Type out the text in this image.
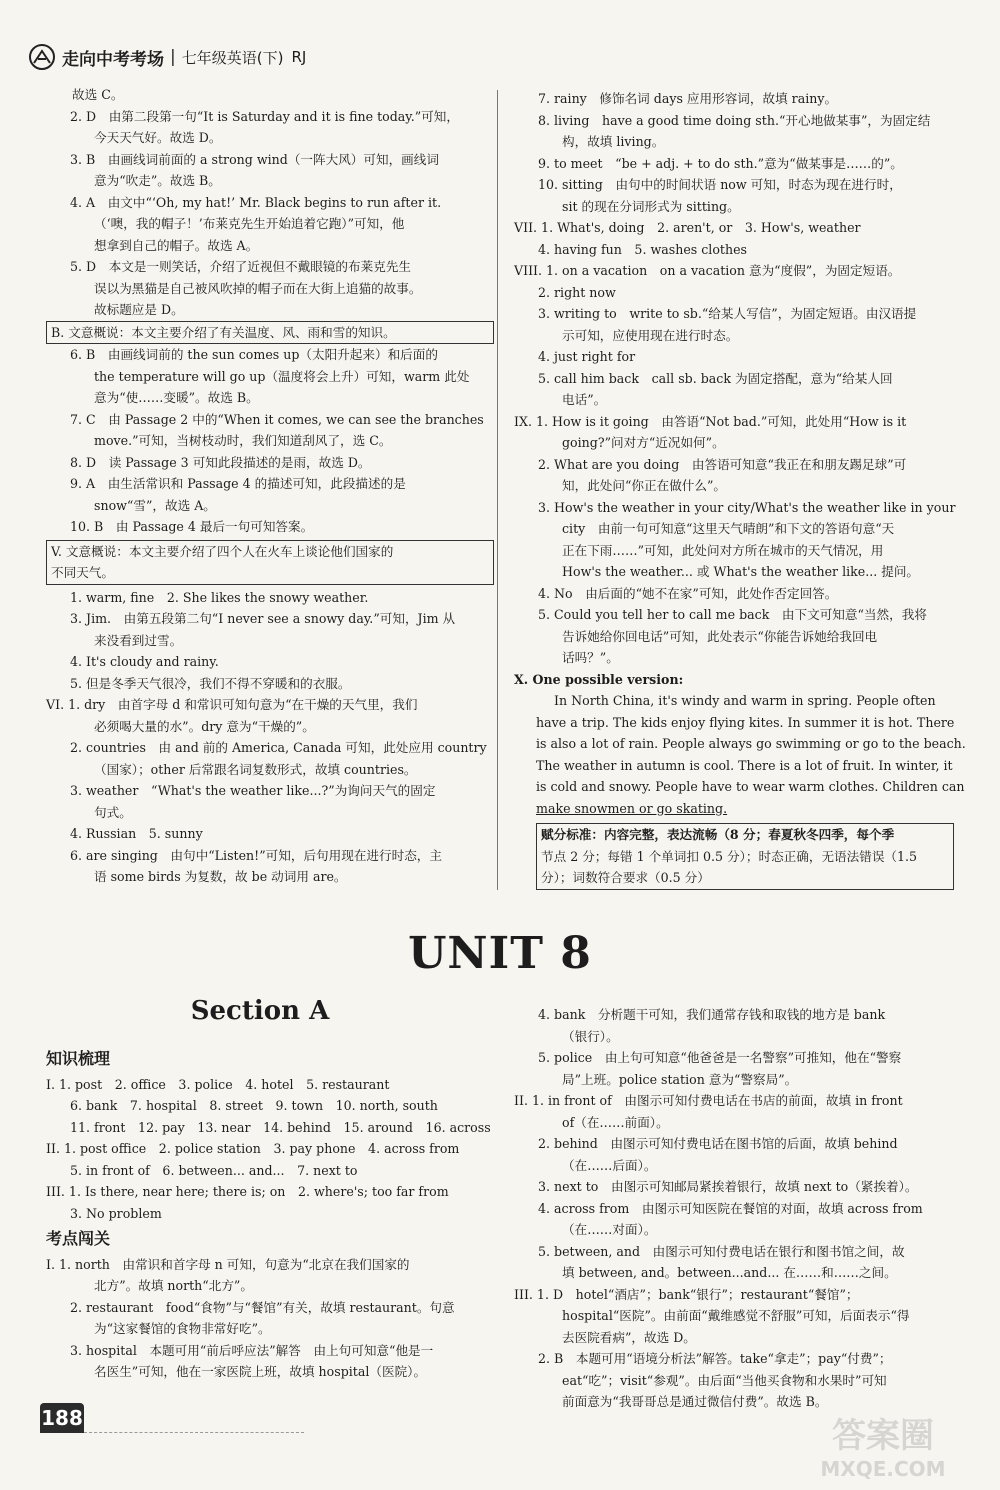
走向中考考场 | 七年级英语(下) RJ

故选 C。

2. D　由第二段第一句“It is Saturday and it is fine today.”可知，

今天天气好。故选 D。

3. B　由画线词前面的 a strong wind（一阵大风）可知，画线词

意为“吹走”。故选 B。

4. A　由文中“‘Oh, my hat!’ Mr. Black begins to run after it.

（‘噢，我的帽子！’布莱克先生开始追着它跑）”可知，他

想拿到自己的帽子。故选 A。

5. D　本文是一则笑话，介绍了近视但不戴眼镜的布莱克先生

误以为黑猫是自己被风吹掉的帽子而在大街上追猫的故事。

故标题应是 D。

B. 文意概说：本文主要介绍了有关温度、风、雨和雪的知识。

6. B　由画线词前的 the sun comes up（太阳升起来）和后面的

the temperature will go up（温度将会上升）可知，warm 此处

意为“使……变暖”。故选 B。

7. C　由 Passage 2 中的“When it comes, we can see the branches

move.”可知，当树枝动时，我们知道刮风了，选 C。

8. D　读 Passage 3 可知此段描述的是雨，故选 D。

9. A　由生活常识和 Passage 4 的描述可知，此段描述的是

snow“雪”，故选 A。

10. B　由 Passage 4 最后一句可知答案。

V. 文意概说：本文主要介绍了四个人在火车上谈论他们国家的

不同天气。

1. warm, fine　2. She likes the snowy weather.

3. Jim.　由第五段第二句“I never see a snowy day.”可知，Jim 从

来没看到过雪。

4. It's cloudy and rainy.

5. 但是冬季天气很冷，我们不得不穿暖和的衣服。

VI. 1. dry　由首字母 d 和常识可知句意为“在干燥的天气里，我们

必须喝大量的水”。dry 意为“干燥的”。

2. countries　由 and 前的 America, Canada 可知，此处应用 country

（国家）；other 后常跟名词复数形式，故填 countries。

3. weather　“What's the weather like...?”为询问天气的固定

句式。

4. Russian　5. sunny

6. are singing　由句中“Listen!”可知，后句用现在进行时态，主

语 some birds 为复数，故 be 动词用 are。

7. rainy　修饰名词 days 应用形容词，故填 rainy。

8. living　have a good time doing sth.“开心地做某事”，为固定结

构，故填 living。

9. to meet　“be + adj. + to do sth.”意为“做某事是……的”。

10. sitting　由句中的时间状语 now 可知，时态为现在进行时，

sit 的现在分词形式为 sitting。

VII. 1. What's, doing　2. aren't, or　3. How's, weather

4. having fun　5. washes clothes

VIII. 1. on a vacation　on a vacation 意为“度假”，为固定短语。

2. right now

3. writing to　write to sb.“给某人写信”，为固定短语。由汉语提

示可知，应使用现在进行时态。

4. just right for

5. call him back　call sb. back 为固定搭配，意为“给某人回

电话”。

IX. 1. How is it going　由答语“Not bad.”可知，此处用“How is it

going?”问对方“近况如何”。

2. What are you doing　由答语可知意“我正在和朋友踢足球”可

知，此处问“你正在做什么”。

3. How's the weather in your city/What's the weather like in your

city　由前一句可知意“这里天气晴朗”和下文的答语句意“天

正在下雨……”可知，此处问对方所在城市的天气情况，用

How's the weather... 或 What's the weather like... 提问。

4. No　由后面的“她不在家”可知，此处作否定回答。

5. Could you tell her to call me back　由下文可知意“当然，我将

告诉她给你回电话”可知，此处表示“你能告诉她给我回电

话吗？”。

X. One possible version:

In North China, it's windy and warm in spring. People often

have a trip. The kids enjoy flying kites. In summer it is hot. There

is also a lot of rain. People always go swimming or go to the beach.

The weather in autumn is cool. There is a lot of fruit. In winter, it

is cold and snowy. People have to wear warm clothes. Children can

make snowmen or go skating.

赋分标准：内容完整，表达流畅（8 分；春夏秋冬四季，每个季

节点 2 分；每错 1 个单词扣 0.5 分）；时态正确，无语法错误（1.5

分）；词数符合要求（0.5 分）

UNIT 8
Section A

知识梳理

I. 1. post　2. office　3. police　4. hotel　5. restaurant

6. bank　7. hospital　8. street　9. town　10. north, south

11. front　12. pay　13. near　14. behind　15. around　16. across

II. 1. post office　2. police station　3. pay phone　4. across from

5. in front of　6. between... and...　7. next to

III. 1. Is there, near here; there is; on　2. where's; too far from

3. No problem

考点闯关

I. 1. north　由常识和首字母 n 可知，句意为“北京在我们国家的

北方”。故填 north“北方”。

2. restaurant　food“食物”与“餐馆”有关，故填 restaurant。句意

为“这家餐馆的食物非常好吃”。

3. hospital　本题可用“前后呼应法”解答　由上句可知意“他是一

名医生”可知，他在一家医院上班，故填 hospital（医院）。

4. bank　分析题干可知，我们通常存钱和取钱的地方是 bank

（银行）。

5. police　由上句可知意“他爸爸是一名警察”可推知，他在“警察

局”上班。police station 意为“警察局”。

II. 1. in front of　由图示可知付费电话在书店的前面，故填 in front

of（在……前面）。

2. behind　由图示可知付费电话在图书馆的后面，故填 behind

（在……后面）。

3. next to　由图示可知邮局紧挨着银行，故填 next to（紧挨着）。

4. across from　由图示可知医院在餐馆的对面，故填 across from

（在……对面）。

5. between, and　由图示可知付费电话在银行和图书馆之间，故

填 between, and。between...and... 在……和……之间。

III. 1. D　hotel“酒店”；bank“银行”；restaurant“餐馆”；

hospital“医院”。由前面“戴维感觉不舒服”可知，后面表示“得

去医院看病”，故选 D。

2. B　本题可用“语境分析法”解答。take“拿走”；pay“付费”；

eat“吃”；visit“参观”。由后面“当他买食物和水果时”可知

前面意为“我哥哥总是通过微信付费”。故选 B。

188	答案圈
MXQE.COM
